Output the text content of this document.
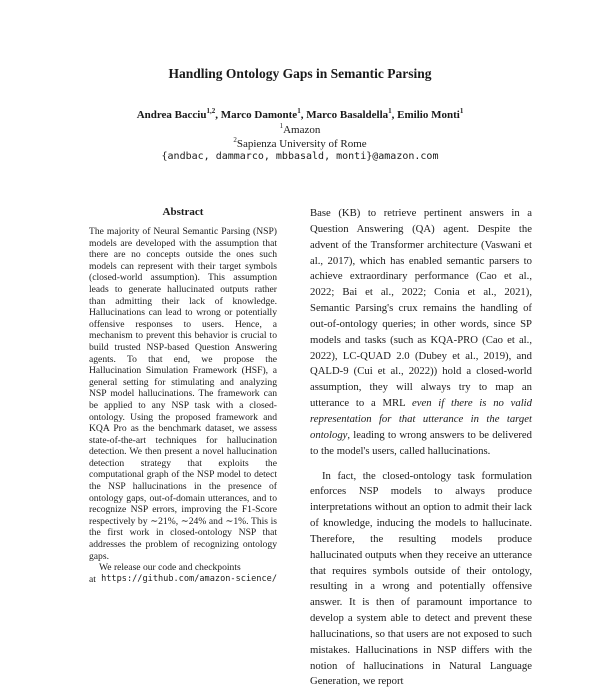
Handling Ontology Gaps in Semantic Parsing
Andrea Bacciu$^{1,2}$, Marco Damonte$^1$, Marco Basaldella$^1$, Emilio Monti$^1$
$^1$Amazon
$^2$Sapienza University of Rome
{andbac, dammarco, mbbasald, monti}@amazon.com
Abstract

The majority of Neural Semantic Parsing (NSP) models are developed with the assumption that there are no concepts outside the ones such models can represent with their target symbols (closed-world assumption). This assumption leads to generate hallucinated outputs rather than admitting their lack of knowledge. Hallucinations can lead to wrong or potentially offensive responses to users. Hence, a mechanism to prevent this behavior is crucial to build trusted NSP-based Question Answering agents. To that end, we propose the Hallucination Simulation Framework (HSF), a general setting for stimulating and analyzing NSP model hallucinations. The framework can be applied to any NSP task with a closed-ontology. Using the proposed framework and KQA Pro as the benchmark dataset, we assess state-of-the-art techniques for hallucination detection. We then present a novel hallucination detection strategy that exploits the computational graph of the NSP model to detect the NSP hallucinations in the presence of ontology gaps, out-of-domain utterances, and to recognize NSP errors, improving the F1-Score respectively by ∼21%, ∼24% and ∼1%. This is the first work in closed-ontology NSP that addresses the problem of recognizing ontology gaps.

We release our code and checkpoints

at https://github.com/amazon-science/

Base (KB) to retrieve pertinent answers in a Question Answering (QA) agent. Despite the advent of the Transformer architecture (Vaswani et al., 2017), which has enabled semantic parsers to achieve extraordinary performance (Cao et al., 2022; Bai et al., 2022; Conia et al., 2021), Semantic Parsing's crux remains the handling of out-of-ontology queries; in other words, since SP models and tasks (such as KQA-PRO (Cao et al., 2022), LC-QUAD 2.0 (Dubey et al., 2019), and QALD-9 (Cui et al., 2022)) hold a closed-world assumption, they will always try to map an utterance to a MRL even if there is no valid representation for that utterance in the target ontology, leading to wrong answers to be delivered to the model's users, called hallucinations.

In fact, the closed-ontology task formulation enforces NSP models to always produce interpretations without an option to admit their lack of knowledge, inducing the models to hallucinate. Therefore, the resulting models produce hallucinated outputs when they receive an utterance that requires symbols outside of their ontology, resulting in a wrong and potentially offensive answer. It is then of paramount importance to develop a system able to detect and prevent these hallucinations, so that users are not exposed to such mistakes. Hallucinations in NSP differs with the notion of hallucinations in Natural Language Generation, we report
